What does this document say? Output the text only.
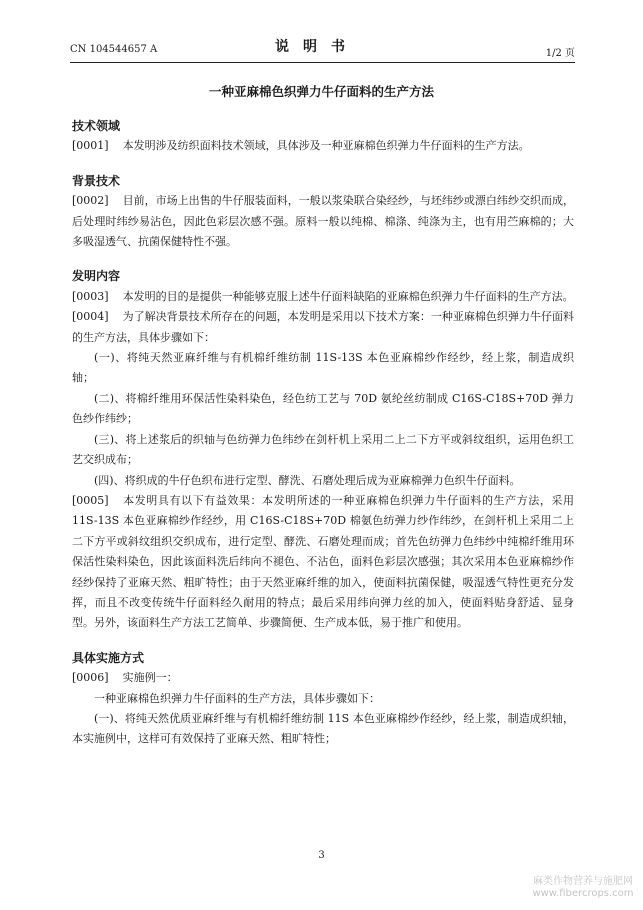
CN 104544657 A	说明书	1/2 页
一种亚麻棉色织弹力牛仔面料的生产方法

技术领域

[0001] 本发明涉及纺织面料技术领域，具体涉及一种亚麻棉色织弹力牛仔面料的生产方法。

背景技术

[0002] 目前，市场上出售的牛仔服装面料，一般以浆染联合染经纱，与坯纬纱或漂白纬纱交织而成，后处理时纬纱易沾色，因此色彩层次感不强。原料一般以纯棉、棉涤、纯涤为主，也有用苎麻棉的；大多吸湿透气、抗菌保健特性不强。

发明内容

[0003] 本发明的目的是提供一种能够克服上述牛仔面料缺陷的亚麻棉色织弹力牛仔面料的生产方法。

[0004] 为了解决背景技术所存在的问题，本发明是采用以下技术方案：一种亚麻棉色织弹力牛仔面料的生产方法，具体步骤如下：

(一)、将纯天然亚麻纤维与有机棉纤维纺制 11S-13S 本色亚麻棉纱作经纱，经上浆，制造成织轴；

(二)、将棉纤维用环保活性染料染色，经色纺工艺与 70D 氨纶丝纺制成 C16S-C18S+70D 弹力色纱作纬纱；

(三)、将上述浆后的织轴与色纺弹力色纬纱在剑杆机上采用二上二下方平或斜纹组织，运用色织工艺交织成布；

(四)、将织成的牛仔色织布进行定型、酵洗、石磨处理后成为亚麻棉弹力色织牛仔面料。

[0005] 本发明具有以下有益效果：本发明所述的一种亚麻棉色织弹力牛仔面料的生产方法，采用 11S-13S 本色亚麻棉纱作经纱，用 C16S-C18S+70D 棉氨色纺弹力纱作纬纱，在剑杆机上采用二上二下方平或斜纹组织交织成布，进行定型、酵洗、石磨处理而成；首先色纺弹力色纬纱中纯棉纤维用环保活性染料染色，因此该面料洗后纬向不褪色、不沾色，面料色彩层次感强；其次采用本色亚麻棉纱作经纱保持了亚麻天然、粗旷特性；由于天然亚麻纤维的加入，使面料抗菌保健，吸湿透气特性更充分发挥，而且不改变传统牛仔面料经久耐用的特点；最后采用纬向弹力丝的加入，使面料贴身舒适、显身型。另外，该面料生产方法工艺简单、步骤简便、生产成本低，易于推广和使用。

具体实施方式

[0006] 实施例一：

一种亚麻棉色织弹力牛仔面料的生产方法，具体步骤如下：

(一)、将纯天然优质亚麻纤维与有机棉纤维纺制 11S 本色亚麻棉纱作经纱，经上浆，制造成织轴，本实施例中，这样可有效保持了亚麻天然、粗旷特性；

3
麻类作物营养与施肥网
www.fibercrops.com
